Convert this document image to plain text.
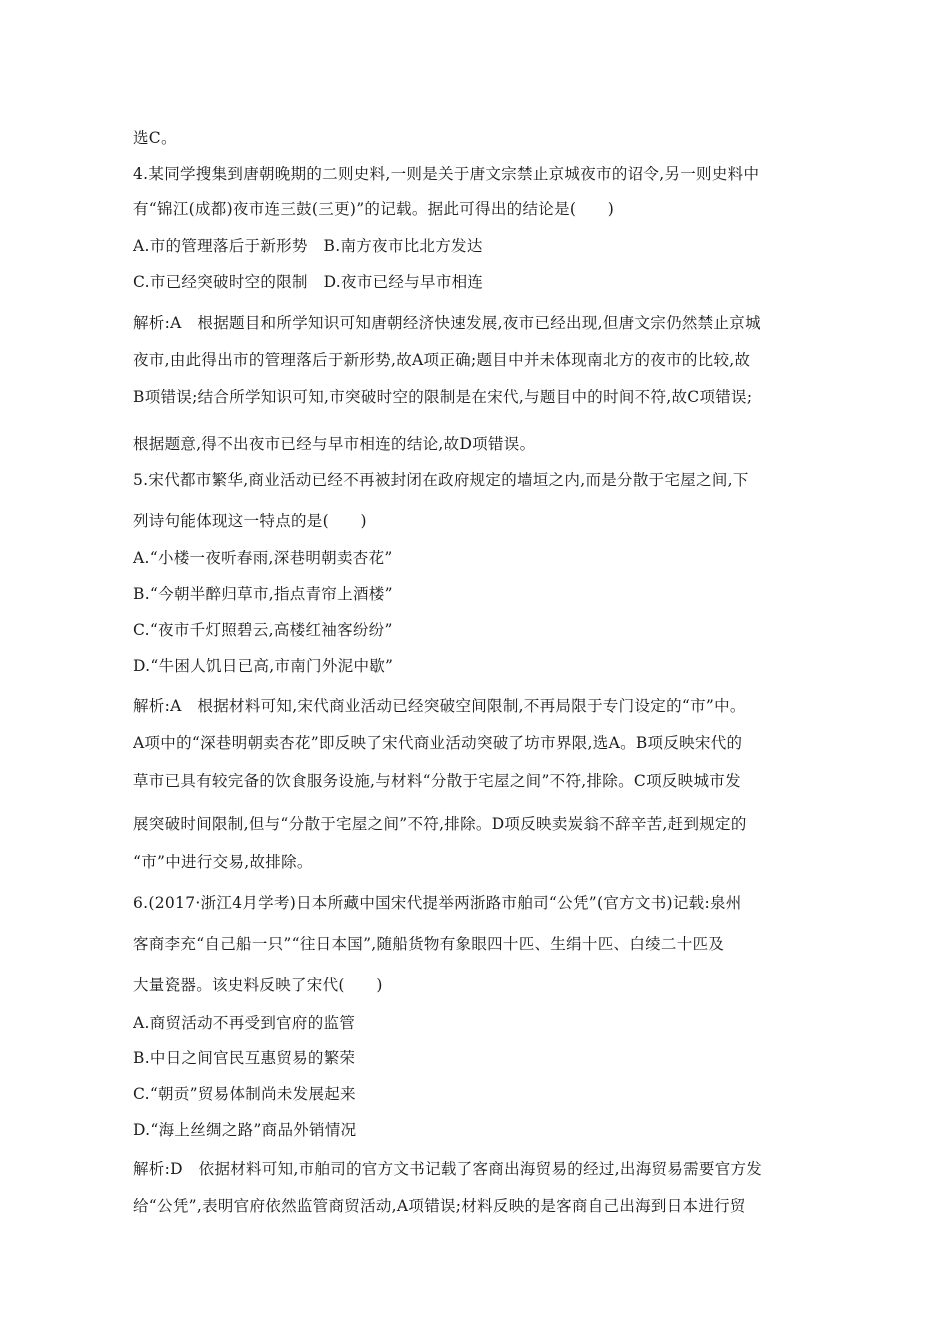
选C。
4.某同学搜集到唐朝晚期的二则史料,一则是关于唐文宗禁止京城夜市的诏令,另一则史料中
有“锦江(成都)夜市连三鼓(三更)”的记载。据此可得出的结论是(　　)
A.市的管理落后于新形势　B.南方夜市比北方发达
C.市已经突破时空的限制　D.夜市已经与早市相连
解析:A　根据题目和所学知识可知唐朝经济快速发展,夜市已经出现,但唐文宗仍然禁止京城
夜市,由此得出市的管理落后于新形势,故A项正确;题目中并未体现南北方的夜市的比较,故
B项错误;结合所学知识可知,市突破时空的限制是在宋代,与题目中的时间不符,故C项错误;
根据题意,得不出夜市已经与早市相连的结论,故D项错误。
5.宋代都市繁华,商业活动已经不再被封闭在政府规定的墙垣之内,而是分散于宅屋之间,下
列诗句能体现这一特点的是(　　)
A.“小楼一夜听春雨,深巷明朝卖杏花”
B.“今朝半醉归草市,指点青帘上酒楼”
C.“夜市千灯照碧云,高楼红袖客纷纷”
D.“牛困人饥日已高,市南门外泥中歇”
解析:A　根据材料可知,宋代商业活动已经突破空间限制,不再局限于专门设定的“市”中。
A项中的“深巷明朝卖杏花”即反映了宋代商业活动突破了坊市界限,选A。B项反映宋代的
草市已具有较完备的饮食服务设施,与材料“分散于宅屋之间”不符,排除。C项反映城市发
展突破时间限制,但与“分散于宅屋之间”不符,排除。D项反映卖炭翁不辞辛苦,赶到规定的
“市”中进行交易,故排除。
6.(2017·浙江4月学考)日本所藏中国宋代提举两浙路市舶司“公凭”(官方文书)记载:泉州
客商李充“自己船一只”“往日本国”,随船货物有象眼四十匹、生绢十匹、白绫二十匹及
大量瓷器。该史料反映了宋代(　　)
A.商贸活动不再受到官府的监管
B.中日之间官民互惠贸易的繁荣
C.“朝贡”贸易体制尚未发展起来
D.“海上丝绸之路”商品外销情况
解析:D　依据材料可知,市舶司的官方文书记载了客商出海贸易的经过,出海贸易需要官方发
给“公凭”,表明官府依然监管商贸活动,A项错误;材料反映的是客商自己出海到日本进行贸
